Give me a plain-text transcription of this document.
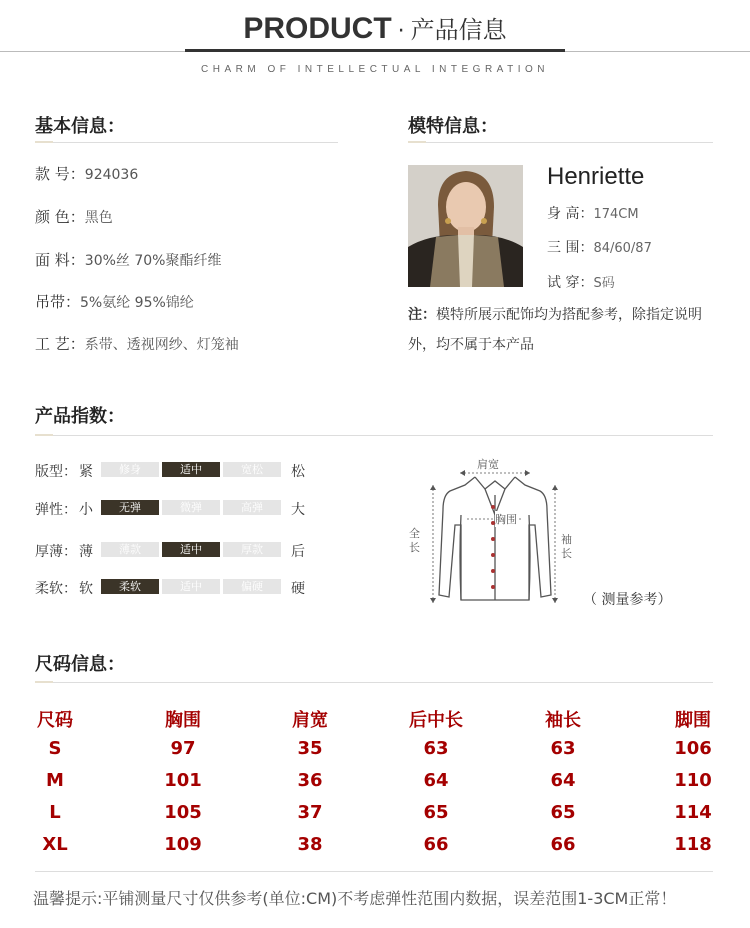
PRODUCT · 产品信息
CHARM OF INTELLECTUAL INTEGRATION
基本信息：
款 号：924036
颜 色：黑色
面 料：30%丝 70%聚酯纤维
吊带：5%氨纶 95%锦纶
工 艺：系带、透视网纱、灯笼袖
模特信息：
Henriette
身 高：174CM
三 围：84/60/87
试 穿：S码
注：模特所展示配饰均为搭配参考，除指定说明外，均不属于本产品
产品指数：
版型： 紧	修身	适中	宽松	松
弹性： 小	无弹	微弹	高弹	大
厚薄： 薄	薄款	适中	厚款	后
柔软： 软	柔软	适中	偏硬	硬
肩宽
胸围
全长
袖长
（ 测量参考）
尺码信息：
尺码	胸围	肩宽	后中长	袖长	脚围
S	97	35	63	63	106
M	101	36	64	64	110
L	105	37	65	65	114
XL	109	38	66	66	118
温馨提示:平铺测量尺寸仅供参考(单位:CM)不考虑弹性范围内数据，误差范围1-3CM正常！
